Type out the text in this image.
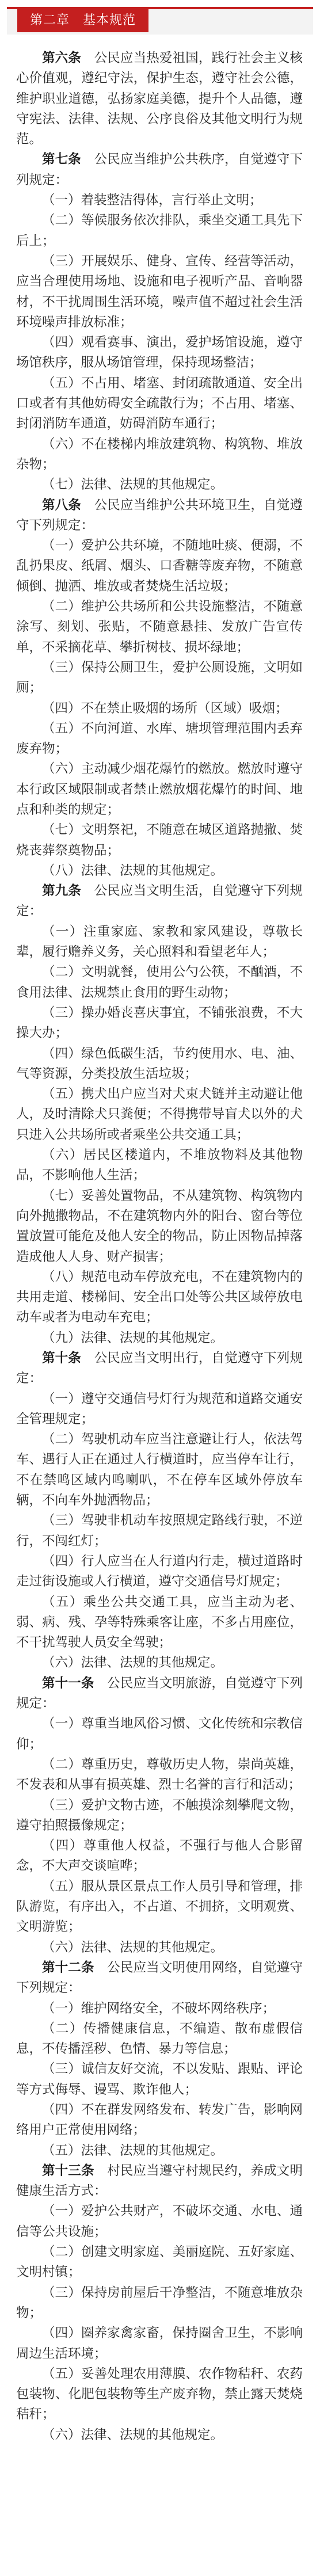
第二章　基本规范

第六条　 公民应当热爱祖国，践行社会主义核心价值观，遵纪守法，保护生态，遵守社会公德，维护职业道德，弘扬家庭美德，提升个人品德，遵守宪法、法律、法规、公序良俗及其他文明行为规范。

第七条　 公民应当维护公共秩序，自觉遵守下列规定：

（一）着装整洁得体，言行举止文明；

（二）等候服务依次排队，乘坐交通工具先下后上；

（三）开展娱乐、健身、宣传、经营等活动，应当合理使用场地、设施和电子视听产品、音响器材，不干扰周围生活环境，噪声值不超过社会生活环境噪声排放标准；

（四）观看赛事、演出，爱护场馆设施，遵守场馆秩序，服从场馆管理，保持现场整洁；

（五）不占用、堵塞、封闭疏散通道、安全出口或者有其他妨碍安全疏散行为；不占用、堵塞、封闭消防车通道，妨碍消防车通行；

（六）不在楼梯内堆放建筑物、构筑物、堆放杂物；

（七）法律、法规的其他规定。

第八条　 公民应当维护公共环境卫生，自觉遵守下列规定：

（一）爱护公共环境，不随地吐痰、便溺，不乱扔果皮、纸屑、烟头、口香糖等废弃物，不随意倾倒、抛洒、堆放或者焚烧生活垃圾；

（二）维护公共场所和公共设施整洁，不随意涂写、刻划、张贴，不随意悬挂、发放广告宣传单，不采摘花草、攀折树枝、损坏绿地；

（三）保持公厕卫生，爱护公厕设施，文明如厕；

（四）不在禁止吸烟的场所（区域）吸烟；

（五）不向河道、水库、塘坝管理范围内丢弃废弃物；

（六）主动减少烟花爆竹的燃放。燃放时遵守本行政区域限制或者禁止燃放烟花爆竹的时间、地点和种类的规定；

（七）文明祭祀，不随意在城区道路抛撒、焚烧丧葬祭奠物品；

（八）法律、法规的其他规定。

第九条　 公民应当文明生活，自觉遵守下列规定：

（一）注重家庭、家教和家风建设，尊敬长辈，履行赡养义务，关心照料和看望老年人；

（二）文明就餐，使用公勺公筷，不酗酒，不食用法律、法规禁止食用的野生动物；

（三）操办婚丧喜庆事宜，不铺张浪费，不大操大办；

（四）绿色低碳生活，节约使用水、电、油、气等资源，分类投放生活垃圾；

（五）携犬出户应当对犬束犬链并主动避让他人，及时清除犬只粪便；不得携带导盲犬以外的犬只进入公共场所或者乘坐公共交通工具；

（六）居民区楼道内，不堆放物料及其他物品，不影响他人生活；

（七）妥善处置物品，不从建筑物、构筑物内向外抛撒物品，不在建筑物内外的阳台、窗台等位置放置可能危及他人安全的物品，防止因物品掉落造成他人人身、财产损害；

（八）规范电动车停放充电，不在建筑物内的共用走道、楼梯间、安全出口处等公共区域停放电动车或者为电动车充电；

（九）法律、法规的其他规定。

第十条　 公民应当文明出行，自觉遵守下列规定：

（一）遵守交通信号灯行为规范和道路交通安全管理规定；

（二）驾驶机动车应当注意避让行人，依法驾车、遇行人正在通过人行横道时，应当停车让行，不在禁鸣区域内鸣喇叭，不在停车区域外停放车辆，不向车外抛洒物品；

（三）驾驶非机动车按照规定路线行驶，不逆行，不闯红灯；

（四）行人应当在人行道内行走，横过道路时走过街设施或人行横道，遵守交通信号灯规定；

（五）乘坐公共交通工具，应当主动为老、弱、病、残、孕等特殊乘客让座，不多占用座位，不干扰驾驶人员安全驾驶；

（六）法律、法规的其他规定。

第十一条　 公民应当文明旅游，自觉遵守下列规定：

（一）尊重当地风俗习惯、文化传统和宗教信仰；

（二）尊重历史，尊敬历史人物，崇尚英雄，不发表和从事有损英雄、烈士名誉的言行和活动；

（三）爱护文物古迹，不触摸涂刻攀爬文物，遵守拍照摄像规定；

（四）尊重他人权益，不强行与他人合影留念，不大声交谈喧哗；

（五）服从景区景点工作人员引导和管理，排队游览，有序出入，不占道、不拥挤，文明观赏、文明游览；

（六）法律、法规的其他规定。

第十二条　 公民应当文明使用网络，自觉遵守下列规定：

（一）维护网络安全，不破坏网络秩序；

（二）传播健康信息，不编造、散布虚假信息，不传播淫秽、色情、暴力等信息；

（三）诚信友好交流，不以发贴、跟贴、评论等方式侮辱、谩骂、欺诈他人；

（四）不在群发网络发布、转发广告，影响网络用户正常使用网络；

（五）法律、法规的其他规定。

第十三条　 村民应当遵守村规民约，养成文明健康生活方式：

（一）爱护公共财产，不破坏交通、水电、通信等公共设施；

（二）创建文明家庭、美丽庭院、五好家庭、文明村镇；

（三）保持房前屋后干净整洁，不随意堆放杂物；

（四）圈养家禽家畜，保持圈舍卫生，不影响周边生活环境；

（五）妥善处理农用薄膜、农作物秸秆、农药包装物、化肥包装物等生产废弃物，禁止露天焚烧秸秆；

（六）法律、法规的其他规定。
